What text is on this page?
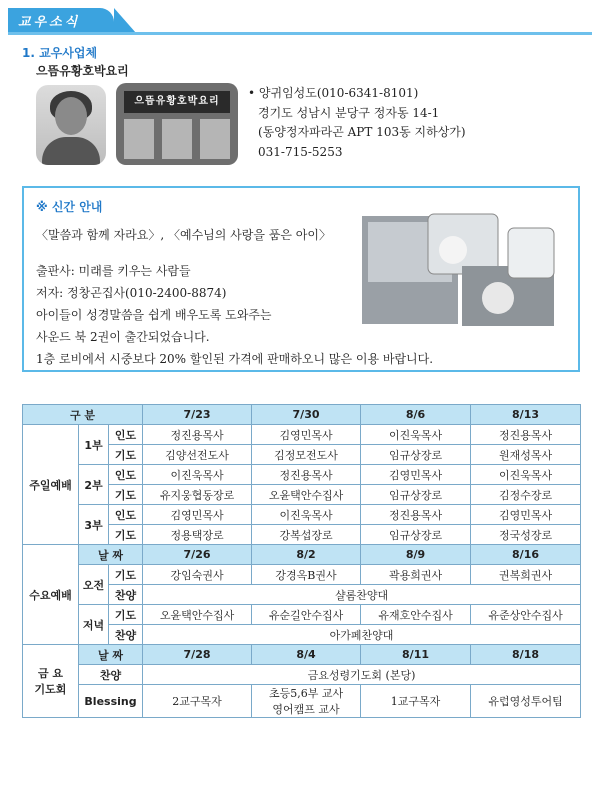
교우소식
1. 교우사업체
으뜸유황호박요리
으뜸유황호박요리
• 양귀임성도(010-6341-8101)
경기도 성남시 분당구 정자동 14-1
(동양정자파라곤 APT 103동 지하상가)
031-715-5253
※ 신간 안내
〈말씀과 함께 자라요〉, 〈예수님의 사랑을 품은 아이〉
출판사: 미래를 키우는 사람들
저자: 정창곤집사(010-2400-8874)
아이들이 성경말씀을 쉽게 배우도록 도와주는
사운드 북 2권이 출간되었습니다.
1층 로비에서 시중보다 20% 할인된 가격에 판매하오니 많은 이용 바랍니다.
구 분			7/23	7/30	8/6	8/13
주일예배	1부	인도	정진용목사	김영민목사	이진욱목사	정진용목사
		기도	김양선전도사	김정모전도사	임규상장로	원재성목사
	2부	인도	이진욱목사	정진용목사	김영민목사	이진욱목사
		기도	유지웅협동장로	오윤택안수집사	임규상장로	김정수장로
	3부	인도	김영민목사	이진욱목사	정진용목사	김영민목사
		기도	정용택장로	강복섭장로	임규상장로	정국성장로
수요예배	날 짜		7/26	8/2	8/9	8/16
	오전	기도	강임숙권사	강경옥B권사	곽용희권사	권복희권사
		찬양	샬롬찬양대			
	저녁	기도	오윤택안수집사	유순길안수집사	유재호안수집사	유준상안수집사
		찬양	아가페찬양대			

금 요
기도회	날 짜		7/28	8/4	8/11	8/18
	찬양		금요성령기도회 (본당)			
	Blessing		2교구목자	초등5,6부 교사
영어캠프 교사	1교구목자	유럽영성투어팀
